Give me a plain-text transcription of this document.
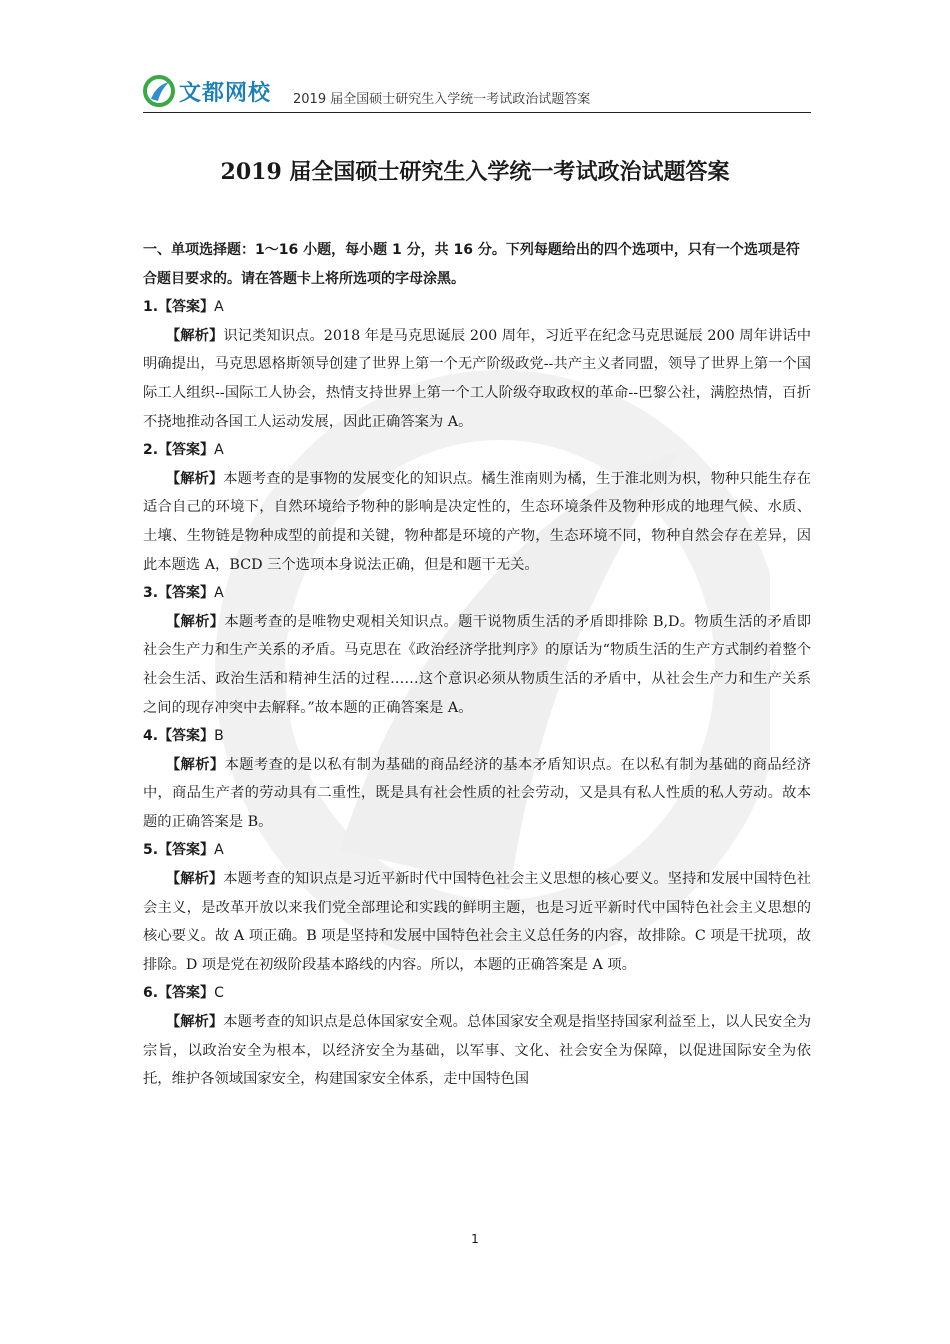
文都网校 2019 届全国硕士研究生入学统一考试政治试题答案
2019 届全国硕士研究生入学统一考试政治试题答案
一、单项选择题：1～16 小题，每小题 1 分，共 16 分。下列每题给出的四个选项中，只有一个选项是符合题目要求的。请在答题卡上将所选项的字母涂黑。
1.【答案】A
【解析】识记类知识点。2018 年是马克思诞辰 200 周年，习近平在纪念马克思诞辰 200 周年讲话中明确提出，马克思恩格斯领导创建了世界上第一个无产阶级政党--共产主义者同盟，领导了世界上第一个国际工人组织--国际工人协会，热情支持世界上第一个工人阶级夺取政权的革命--巴黎公社，满腔热情，百折不挠地推动各国工人运动发展，因此正确答案为 A。
2.【答案】A
【解析】本题考查的是事物的发展变化的知识点。橘生淮南则为橘，生于淮北则为枳，物种只能生存在适合自己的环境下，自然环境给予物种的影响是决定性的，生态环境条件及物种形成的地理气候、水质、土壤、生物链是物种成型的前提和关键，物种都是环境的产物，生态环境不同，物种自然会存在差异，因此本题选 A，BCD 三个选项本身说法正确，但是和题干无关。
3.【答案】A
【解析】本题考查的是唯物史观相关知识点。题干说物质生活的矛盾即排除 B,D。物质生活的矛盾即社会生产力和生产关系的矛盾。马克思在《政治经济学批判序》的原话为“物质生活的生产方式制约着整个社会生活、政治生活和精神生活的过程……这个意识必须从物质生活的矛盾中，从社会生产力和生产关系之间的现存冲突中去解释。”故本题的正确答案是 A。
4.【答案】B
【解析】本题考查的是以私有制为基础的商品经济的基本矛盾知识点。在以私有制为基础的商品经济中，商品生产者的劳动具有二重性，既是具有社会性质的社会劳动，又是具有私人性质的私人劳动。故本题的正确答案是 B。
5.【答案】A
【解析】本题考查的知识点是习近平新时代中国特色社会主义思想的核心要义。坚持和发展中国特色社会主义，是改革开放以来我们党全部理论和实践的鲜明主题，也是习近平新时代中国特色社会主义思想的核心要义。故 A 项正确。B 项是坚持和发展中国特色社会主义总任务的内容，故排除。C 项是干扰项，故排除。D 项是党在初级阶段基本路线的内容。所以，本题的正确答案是 A 项。
6.【答案】C
【解析】本题考查的知识点是总体国家安全观。总体国家安全观是指坚持国家利益至上，以人民安全为宗旨，以政治安全为根本，以经济安全为基础，以军事、文化、社会安全为保障，以促进国际安全为依托，维护各领域国家安全，构建国家安全体系，走中国特色国
1
